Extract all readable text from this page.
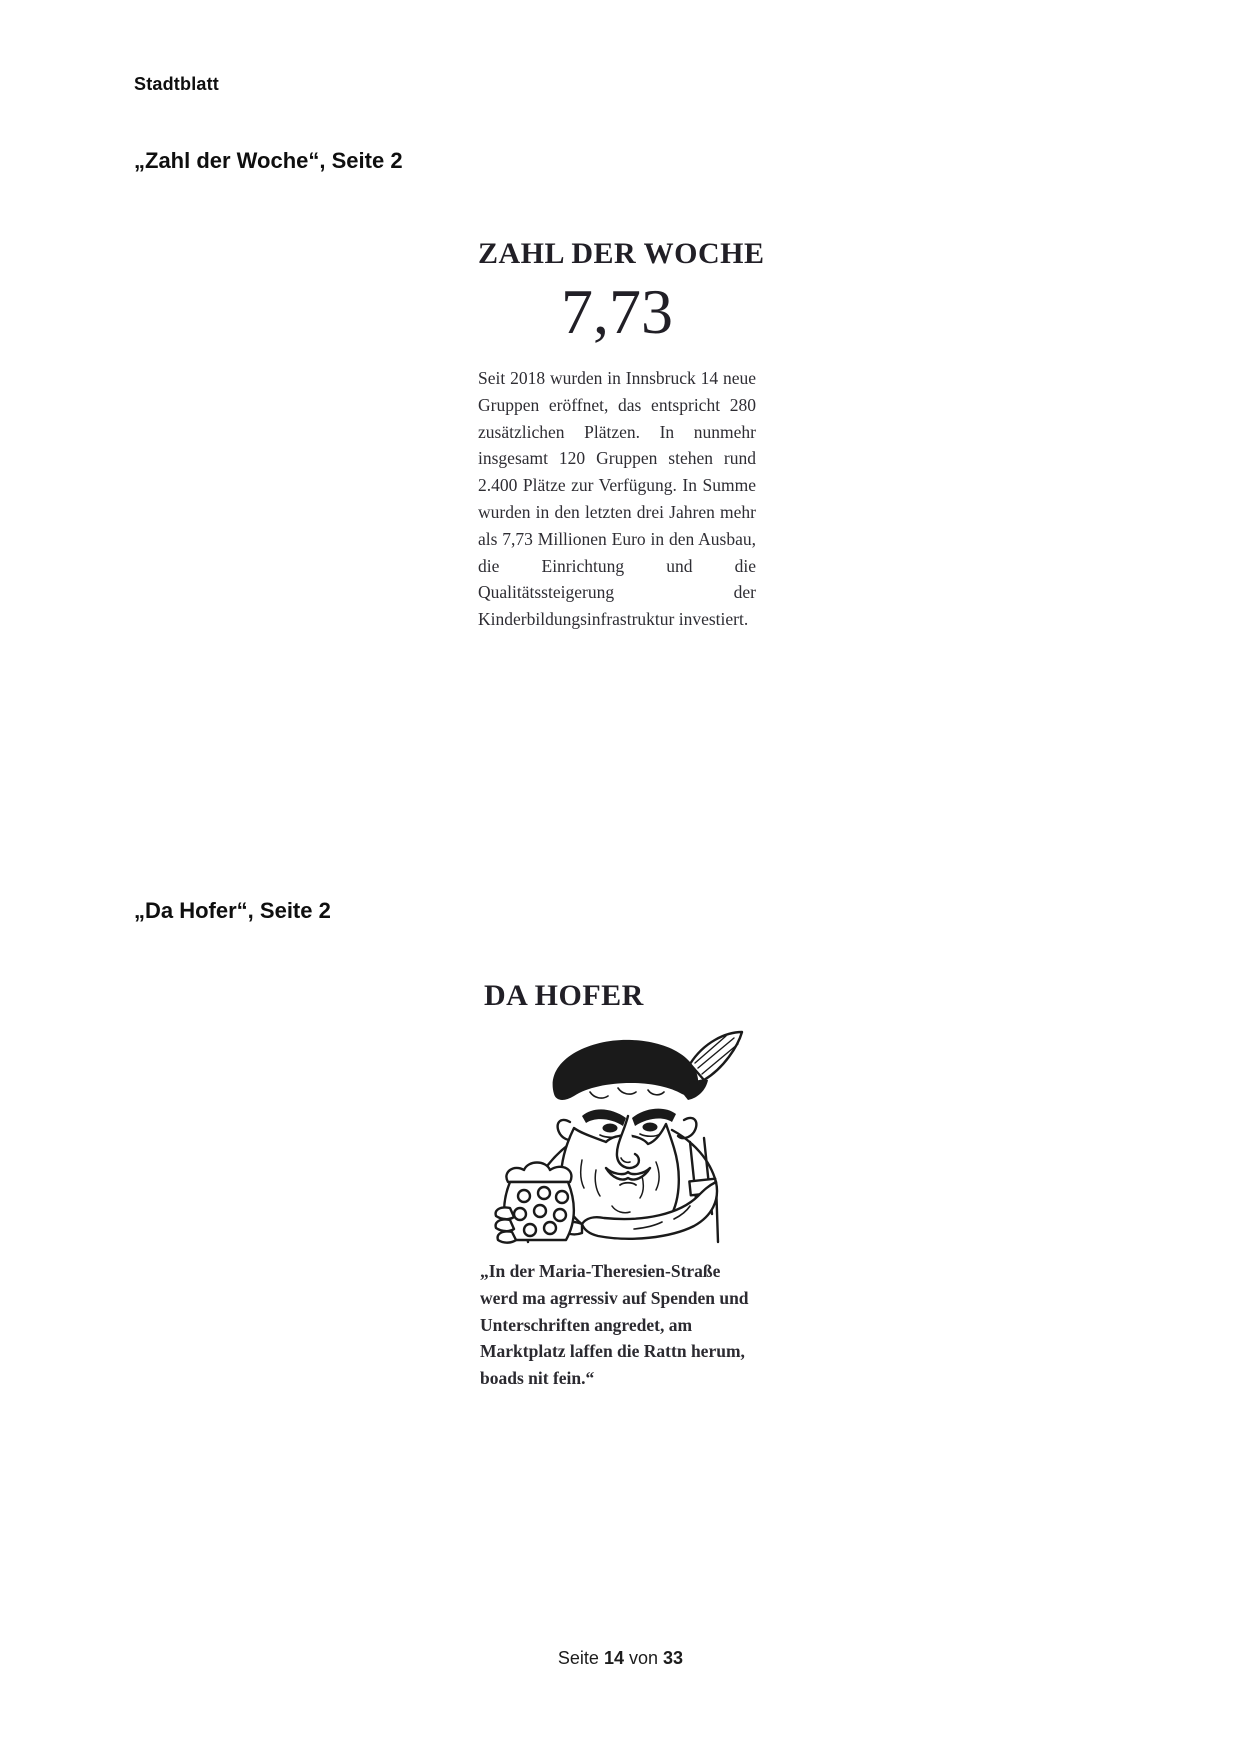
Stadtblatt
„Zahl der Woche“, Seite 2
ZAHL DER WOCHE
7,73
Seit 2018 wurden in Innsbruck 14 neue Gruppen eröffnet, das entspricht 280 zusätzlichen Plätzen. In nunmehr insgesamt 120 Gruppen stehen rund 2.400 Plätze zur Verfügung. In Summe wurden in den letzten drei Jahren mehr als 7,73 Millionen Euro in den Ausbau, die Einrichtung und die Qualitätssteigerung der Kinderbildungsinfrastruktur investiert.
„Da Hofer“, Seite 2
DA HOFER
„In der Maria-Theresien-Straße werd ma agrressiv auf Spenden und Unterschriften angredet, am Marktplatz laffen die Rattn herum, boads nit fein.“
Seite 14 von 33
